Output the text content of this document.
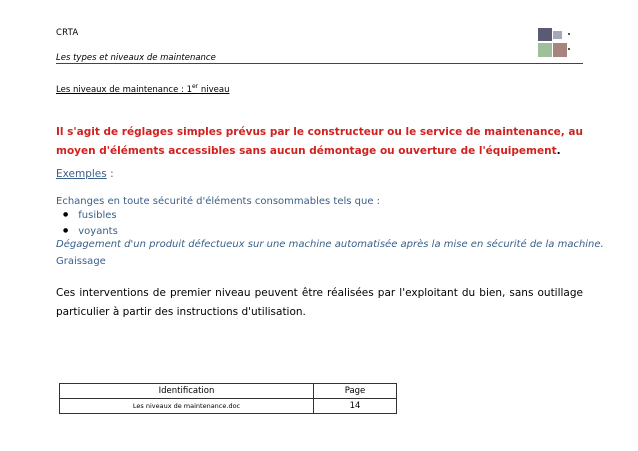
CRTA
Les types et niveaux de maintenance
Les niveaux de maintenance : 1er niveau
Il s'agit de réglages simples prévus par le constructeur ou le service de maintenance, au moyen d'éléments accessibles sans aucun démontage ou ouverture de l'équipement.
Exemples :
Echanges en toute sécurité d'éléments consommables tels que :
● fusibles
● voyants
Dégagement d'un produit défectueux sur une machine automatisée après la mise en sécurité de la machine.
Graissage
Ces interventions de premier niveau peuvent être réalisées par l'exploitant du bien, sans outillage particulier à partir des instructions d'utilisation.
Identification	Page
Les niveaux de maintenance.doc	14
